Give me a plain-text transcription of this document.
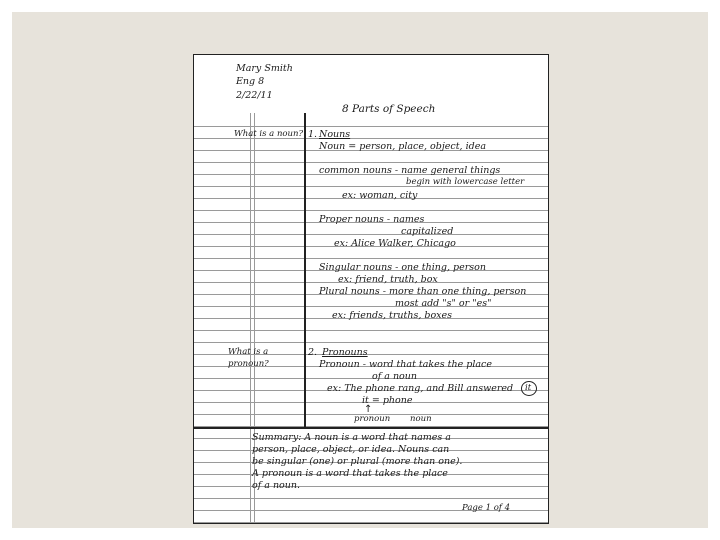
Mary Smith
Eng 8
2/22/11
8 Parts of Speech
What is a noun?
What is a
pronoun?
1. Nouns
Noun = person, place, object, idea
common nouns - name general things
begin with lowercase letter
ex: woman, city
Proper nouns - names
capitalized
ex: Alice Walker, Chicago
Singular nouns - one thing, person
ex: friend, truth, box
Plural nouns - more than one thing, person
most add "s" or "es"
ex: friends, truths, boxes
2. Pronouns
Pronoun - word that takes the place
of a noun
ex: The phone rang, and Bill answered it
it = phone
↑
pronoun noun
Summary: A noun is a word that names a
person, place, object, or idea. Nouns can
be singular (one) or plural (more than one).
A pronoun is a word that takes the place
of a noun.
Page 1 of 4
